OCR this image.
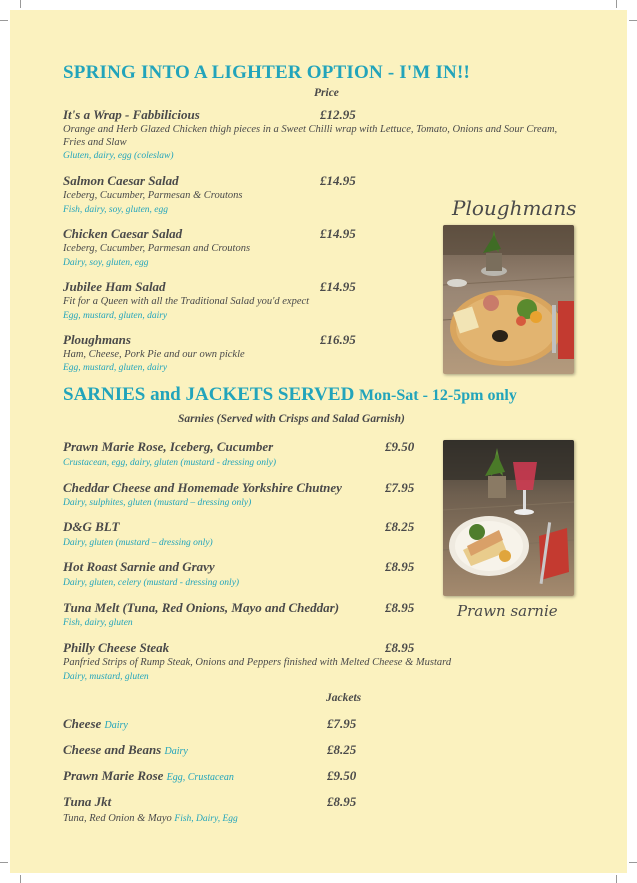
SPRING INTO A LIGHTER OPTION - I'M IN!!
Price
It's a Wrap - Fabbilicious	£12.95
Orange and Herb Glazed Chicken thigh pieces in a Sweet Chilli wrap with Lettuce, Tomato, Onions and Sour Cream, Fries and Slaw
Gluten, dairy, egg (coleslaw)
Salmon Caesar Salad	£14.95
Iceberg, Cucumber, Parmesan & Croutons
Fish, dairy, soy, gluten, egg
Chicken Caesar Salad	£14.95
Iceberg, Cucumber, Parmesan and Croutons
Dairy, soy, gluten, egg
Jubilee Ham Salad	£14.95
Fit for a Queen with all the Traditional Salad you'd expect
Egg, mustard, gluten, dairy
Ploughmans	£16.95
Ham, Cheese, Pork Pie and our own pickle
Egg, mustard, gluten, dairy
Ploughmans
SARNIES and JACKETS SERVED Mon-Sat - 12-5pm only
Sarnies (Served with Crisps and Salad Garnish)
Prawn Marie Rose, Iceberg, Cucumber	£9.50
Crustacean, egg, dairy, gluten (mustard - dressing only)
Cheddar Cheese and Homemade Yorkshire Chutney	£7.95
Dairy, sulphites, gluten (mustard – dressing only)
D&G BLT	£8.25
Dairy, gluten (mustard – dressing only)
Hot Roast Sarnie and Gravy	£8.95
Dairy, gluten, celery (mustard - dressing only)
Tuna Melt (Tuna, Red Onions, Mayo and Cheddar)	£8.95
Fish, dairy, gluten
Philly Cheese Steak	£8.95
Panfried Strips of Rump Steak, Onions and Peppers finished with Melted Cheese & Mustard
Dairy, mustard, gluten
Prawn sarnie
Jackets
Cheese Dairy	£7.95
Cheese and Beans Dairy	£8.25
Prawn Marie Rose Egg, Crustacean	£9.50
Tuna Jkt	£8.95
Tuna, Red Onion & Mayo Fish, Dairy, Egg
